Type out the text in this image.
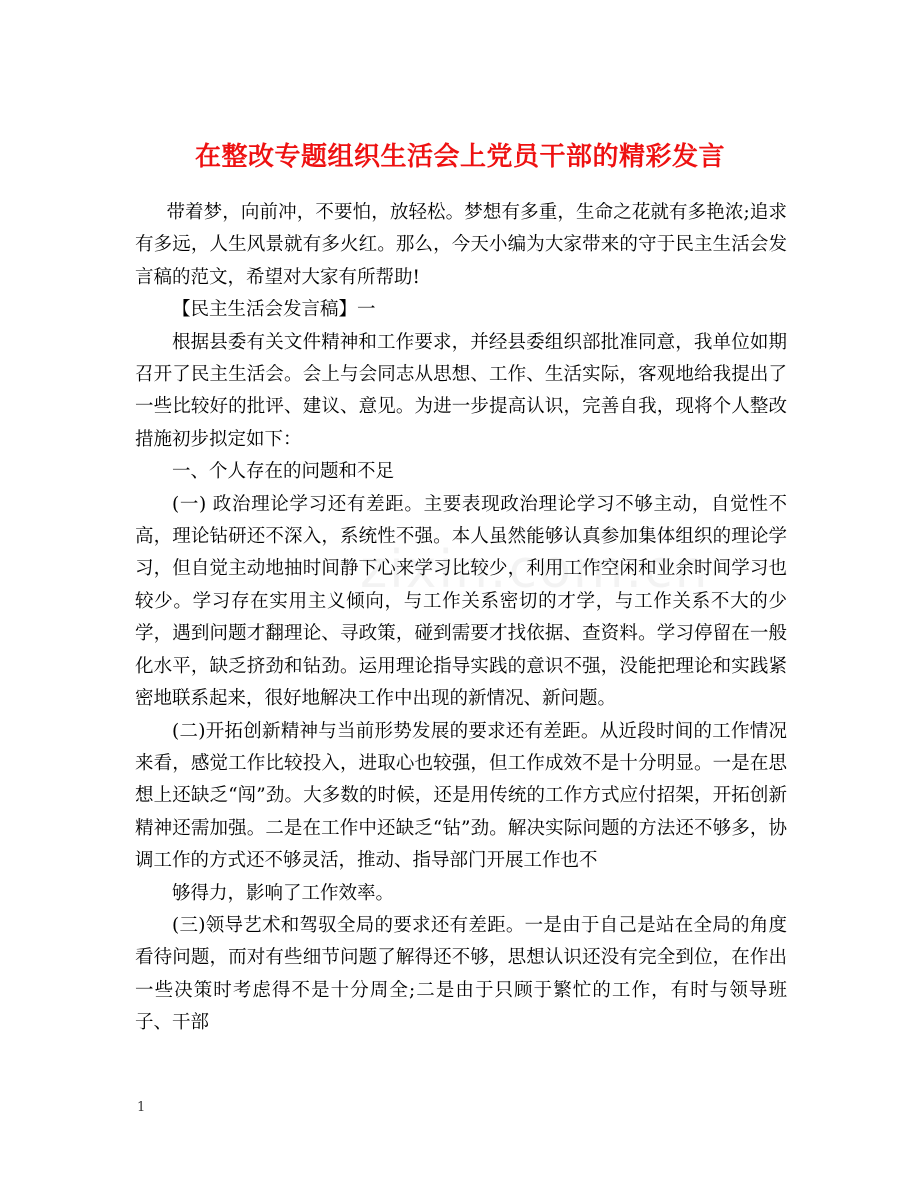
在整改专题组织生活会上党员干部的精彩发言

带着梦，向前冲，不要怕，放轻松。梦想有多重，生命之花就有多艳浓;追求有多远，人生风景就有多火红。那么，今天小编为大家带来的守于民主生活会发言稿的范文，希望对大家有所帮助!

【民主生活会发言稿】一

根据县委有关文件精神和工作要求，并经县委组织部批准同意，我单位如期召开了民主生活会。会上与会同志从思想、工作、生活实际，客观地给我提出了一些比较好的批评、建议、意见。为进一步提高认识，完善自我，现将个人整改措施初步拟定如下：

一、个人存在的问题和不足

(一) 政治理论学习还有差距。主要表现政治理论学习不够主动，自觉性不高，理论钻研还不深入，系统性不强。本人虽然能够认真参加集体组织的理论学习，但自觉主动地抽时间静下心来学习比较少，利用工作空闲和业余时间学习也较少。学习存在实用主义倾向，与工作关系密切的才学，与工作关系不大的少学，遇到问题才翻理论、寻政策，碰到需要才找依据、查资料。学习停留在一般化水平，缺乏挤劲和钻劲。运用理论指导实践的意识不强，没能把理论和实践紧密地联系起来，很好地解决工作中出现的新情况、新问题。

(二)开拓创新精神与当前形势发展的要求还有差距。从近段时间的工作情况来看，感觉工作比较投入，进取心也较强，但工作成效不是十分明显。一是在思想上还缺乏“闯”劲。大多数的时候，还是用传统的工作方式应付招架，开拓创新精神还需加强。二是在工作中还缺乏“钻”劲。解决实际问题的方法还不够多，协调工作的方式还不够灵活，推动、指导部门开展工作也不

够得力，影响了工作效率。

(三)领导艺术和驾驭全局的要求还有差距。一是由于自己是站在全局的角度看待问题，而对有些细节问题了解得还不够，思想认识还没有完全到位，在作出一些决策时考虑得不是十分周全;二是由于只顾于繁忙的工作，有时与领导班子、干部

1
